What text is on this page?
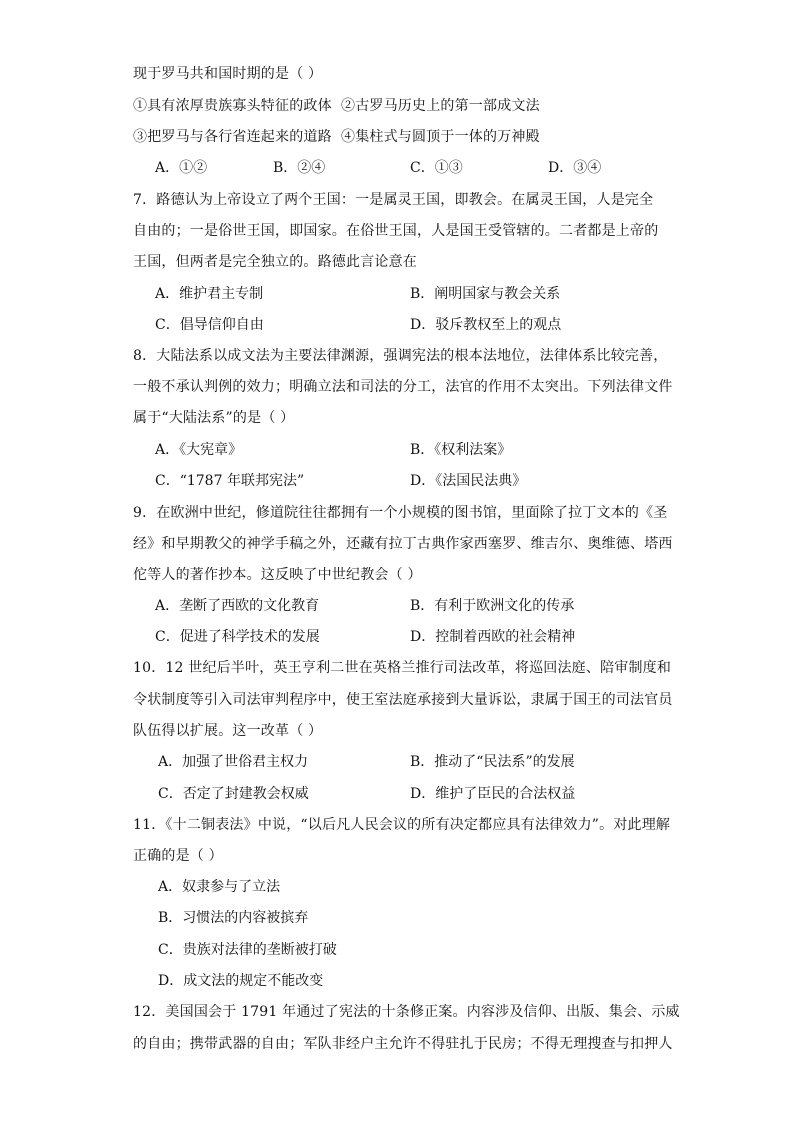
现于罗马共和国时期的是（ ）
①具有浓厚贵族寡头特征的政体 ②古罗马历史上的第一部成文法
③把罗马与各行省连起来的道路 ④集柱式与圆顶于一体的万神殿
A．①②	B．②④	C．①③	D．③④
7．路德认为上帝设立了两个王国：一是属灵王国，即教会。在属灵王国，人是完全
自由的；一是俗世王国，即国家。在俗世王国，人是国王受管辖的。二者都是上帝的
王国，但两者是完全独立的。路德此言论意在
A．维护君主专制	B．阐明国家与教会关系
C．倡导信仰自由	D．驳斥教权至上的观点
8．大陆法系以成文法为主要法律渊源，强调宪法的根本法地位，法律体系比较完善，
一般不承认判例的效力；明确立法和司法的分工，法官的作用不太突出。下列法律文件
属于“大陆法系”的是（ ）
A．《大宪章》	B．《权利法案》
C．“1787 年联邦宪法”	D．《法国民法典》
9．在欧洲中世纪，修道院往往都拥有一个小规模的图书馆，里面除了拉丁文本的《圣
经》和早期教父的神学手稿之外，还藏有拉丁古典作家西塞罗、维吉尔、奥维德、塔西
佗等人的著作抄本。这反映了中世纪教会（ ）
A．垄断了西欧的文化教育	B．有利于欧洲文化的传承
C．促进了科学技术的发展	D．控制着西欧的社会精神
10．12 世纪后半叶，英王亨利二世在英格兰推行司法改革，将巡回法庭、陪审制度和
令状制度等引入司法审判程序中，使王室法庭承接到大量诉讼，隶属于国王的司法官员
队伍得以扩展。这一改革（ ）
A．加强了世俗君主权力	B．推动了“民法系”的发展
C．否定了封建教会权威	D．维护了臣民的合法权益
11．《十二铜表法》中说，“以后凡人民会议的所有决定都应具有法律效力”。对此理解
正确的是（ ）
A．奴隶参与了立法
B．习惯法的内容被摈弃
C．贵族对法律的垄断被打破
D．成文法的规定不能改变
12．美国国会于 1791 年通过了宪法的十条修正案。内容涉及信仰、出版、集会、示威
的自由；携带武器的自由；军队非经户主允许不得驻扎于民房；不得无理搜查与扣押人
